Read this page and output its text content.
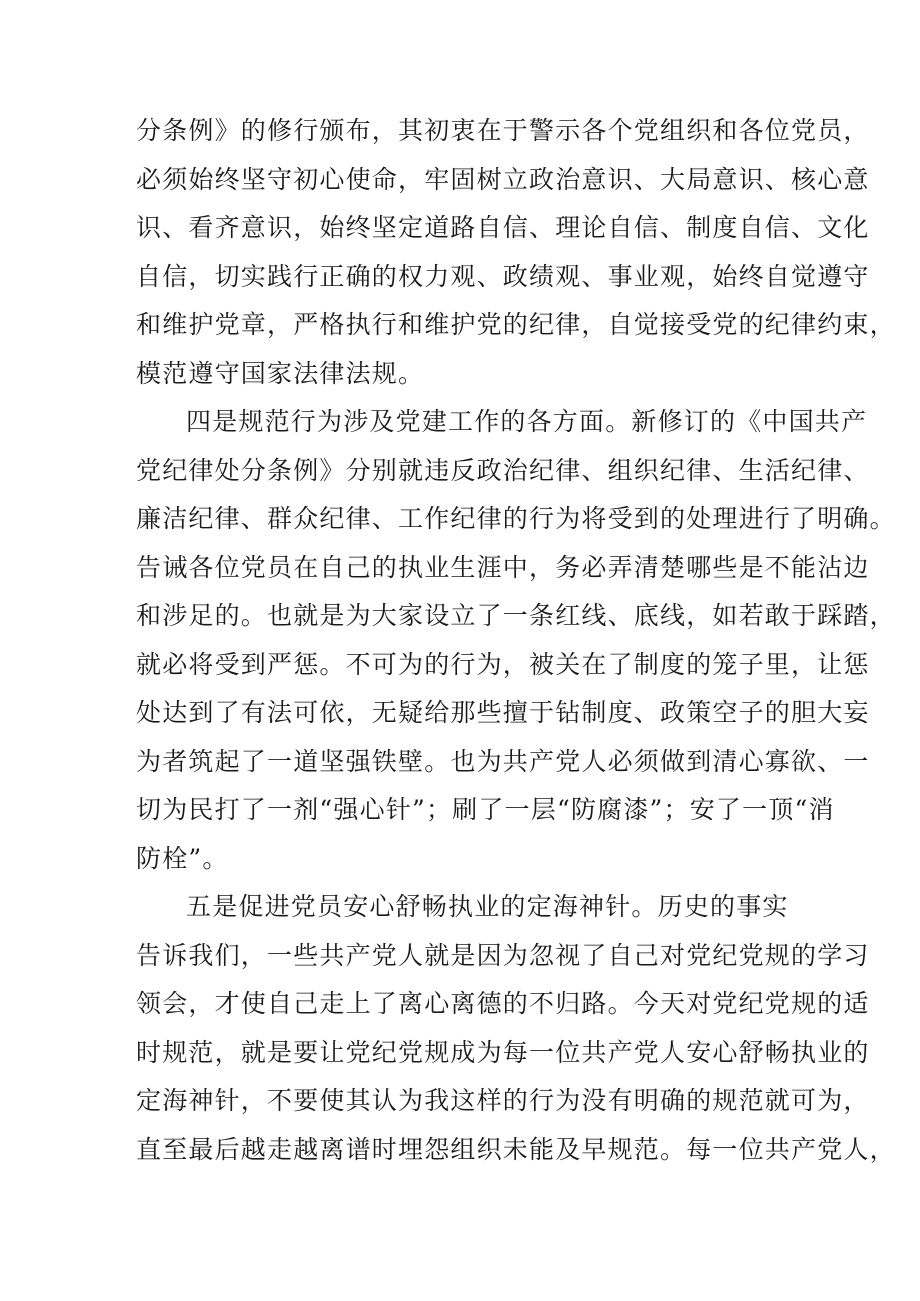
分条例》的修行颁布，其初衷在于警示各个党组织和各位党员，
必须始终坚守初心使命，牢固树立政治意识、大局意识、核心意
识、看齐意识，始终坚定道路自信、理论自信、制度自信、文化
自信，切实践行正确的权力观、政绩观、事业观，始终自觉遵守
和维护党章，严格执行和维护党的纪律，自觉接受党的纪律约束，
模范遵守国家法律法规。
四是规范行为涉及党建工作的各方面。新修订的《中国共产
党纪律处分条例》分别就违反政治纪律、组织纪律、生活纪律、
廉洁纪律、群众纪律、工作纪律的行为将受到的处理进行了明确。
告诫各位党员在自己的执业生涯中，务必弄清楚哪些是不能沾边
和涉足的。也就是为大家设立了一条红线、底线，如若敢于踩踏，
就必将受到严惩。不可为的行为，被关在了制度的笼子里，让惩
处达到了有法可依，无疑给那些擅于钻制度、政策空子的胆大妄
为者筑起了一道坚强铁壁。也为共产党人必须做到清心寡欲、一
切为民打了一剂“强心针”；刷了一层“防腐漆”；安了一顶“消
防栓”。
五是促进党员安心舒畅执业的定海神针。历史的事实
告诉我们，一些共产党人就是因为忽视了自己对党纪党规的学习
领会，才使自己走上了离心离德的不归路。今天对党纪党规的适
时规范，就是要让党纪党规成为每一位共产党人安心舒畅执业的
定海神针，不要使其认为我这样的行为没有明确的规范就可为，
直至最后越走越离谱时埋怨组织未能及早规范。每一位共产党人，
